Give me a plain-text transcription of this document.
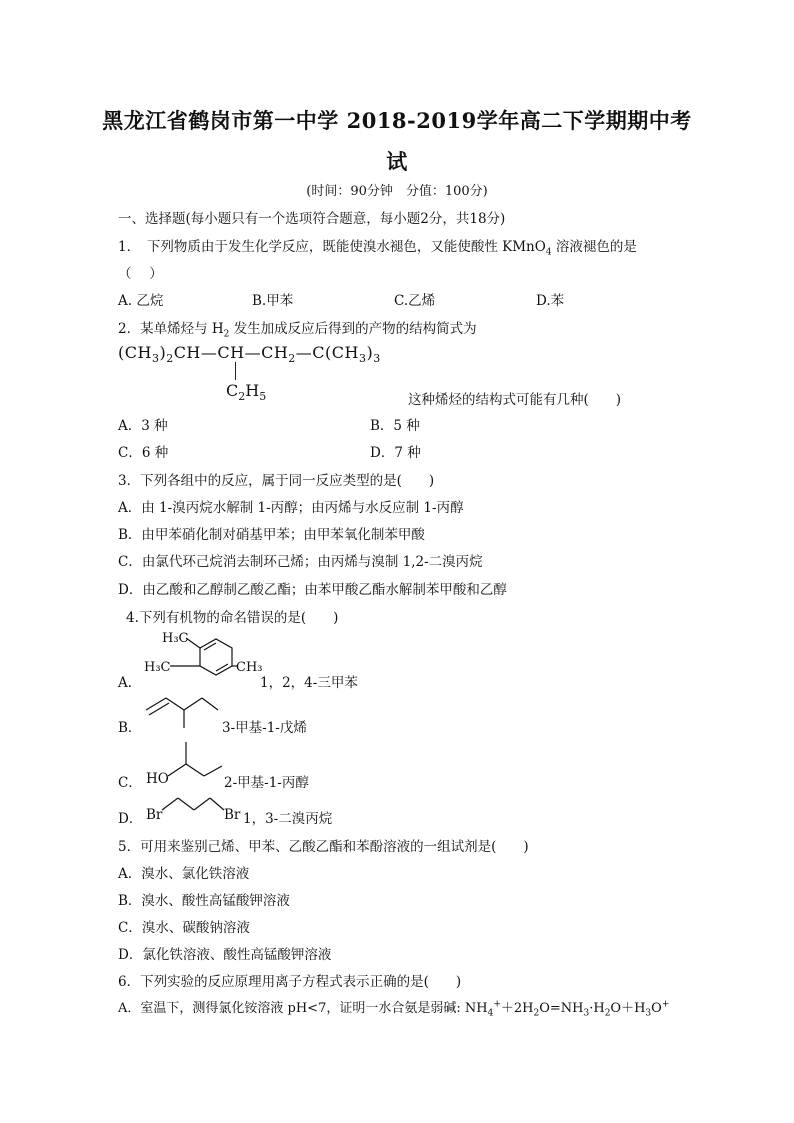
黑龙江省鹤岗市第一中学 2018-2019学年高二下学期期中考
试
(时间：90分钟　分值：100分)
一、选择题(每小题只有一个选项符合题意，每小题2分，共18分)
1．　下列物质由于发生化学反应，既能使溴水褪色，又能使酸性 KMnO$_4$ 溶液褪色的是
（　 ）
A. 乙烷	B.甲苯	C.乙烯	D.苯
2．某单烯烃与 $H_2$ 发生加成反应后得到的产物的结构简式为
$(CH_3)_2CH—CH—CH_2—C(CH_3)_3$
$C_2H_5$	这种烯烃的结构式可能有几种(　　)
A．3 种	B．5 种
C．6 种	D．7 种
3．下列各组中的反应，属于同一反应类型的是(　　)
A．由 1-溴丙烷水解制 1-丙醇；由丙烯与水反应制 1-丙醇
B．由甲苯硝化制对硝基甲苯；由甲苯氧化制苯甲酸
C．由氯代环己烷消去制环己烯；由丙烯与溴制 1,2-二溴丙烷
D．由乙酸和乙醇制乙酸乙酯；由苯甲酸乙酯水解制苯甲酸和乙醇
4.下列有机物的命名错误的是(　　)
A．
H₃C
H₃C	CH₃
1，2，4-三甲苯
B．	3-甲基-1-戊烯
C． HO	2-甲基-1-丙醇
D． Br	Br 1，3-二溴丙烷
5．可用来鉴别己烯、甲苯、乙酸乙酯和苯酚溶液的一组试剂是(　　)
A．溴水、氯化铁溶液
B．溴水、酸性高锰酸钾溶液
C．溴水、碳酸钠溶液
D．氯化铁溶液、酸性高锰酸钾溶液
6．下列实验的反应原理用离子方程式表示正确的是(　　)
A．室温下，测得氯化铵溶液 pH<7，证明一水合氨是弱碱: $NH_4^++2H_2O=NH_3\cdot H_2O+H_3O^+$
